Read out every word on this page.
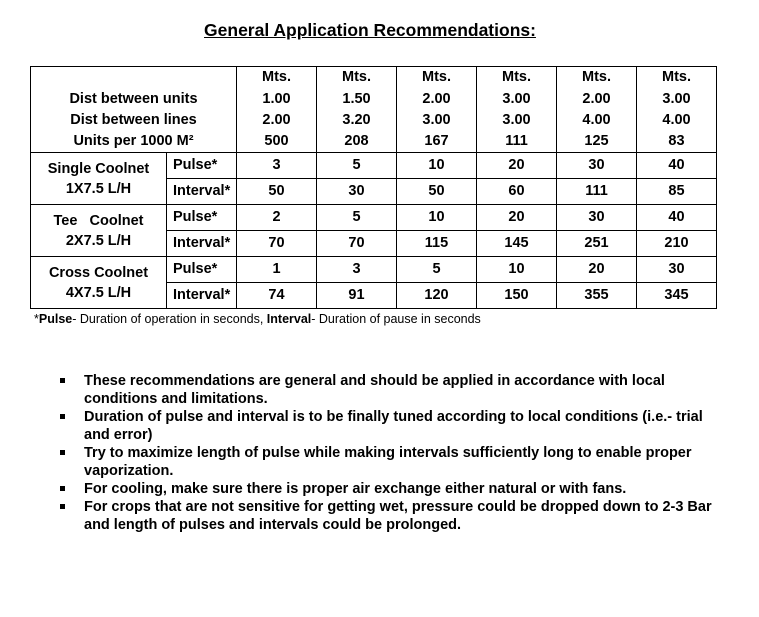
General Application Recommendations:
		Mts.	Mts.	Mts.	Mts.	Mts.	Mts.
Dist between units		1.00	1.50	2.00	3.00	2.00	3.00
Dist between lines		2.00	3.20	3.00	3.00	4.00	4.00
Units per 1000 M²		500	208	167	111	125	83
Single Coolnet
1X7.5 L/H	Pulse*	3	5	10	20	30	40
	Interval*	50	30	50	60	111	85
Tee   Coolnet
2X7.5 L/H	Pulse*	2	5	10	20	30	40
	Interval*	70	70	115	145	251	210
Cross Coolnet
4X7.5 L/H	Pulse*	1	3	5	10	20	30
	Interval*	74	91	120	150	355	345
*Pulse- Duration of operation in seconds, Interval- Duration of pause in seconds
These recommendations are general and should be applied in accordance with local conditions and limitations.
Duration of pulse and interval is to be finally tuned according to local conditions (i.e.- trial and error)
Try to maximize length of pulse while making intervals sufficiently long to enable proper vaporization.
For cooling, make sure there is proper air exchange either natural or with fans.
For crops that are not sensitive for getting wet, pressure could be dropped down to 2-3 Bar and length of pulses and intervals could be prolonged.
